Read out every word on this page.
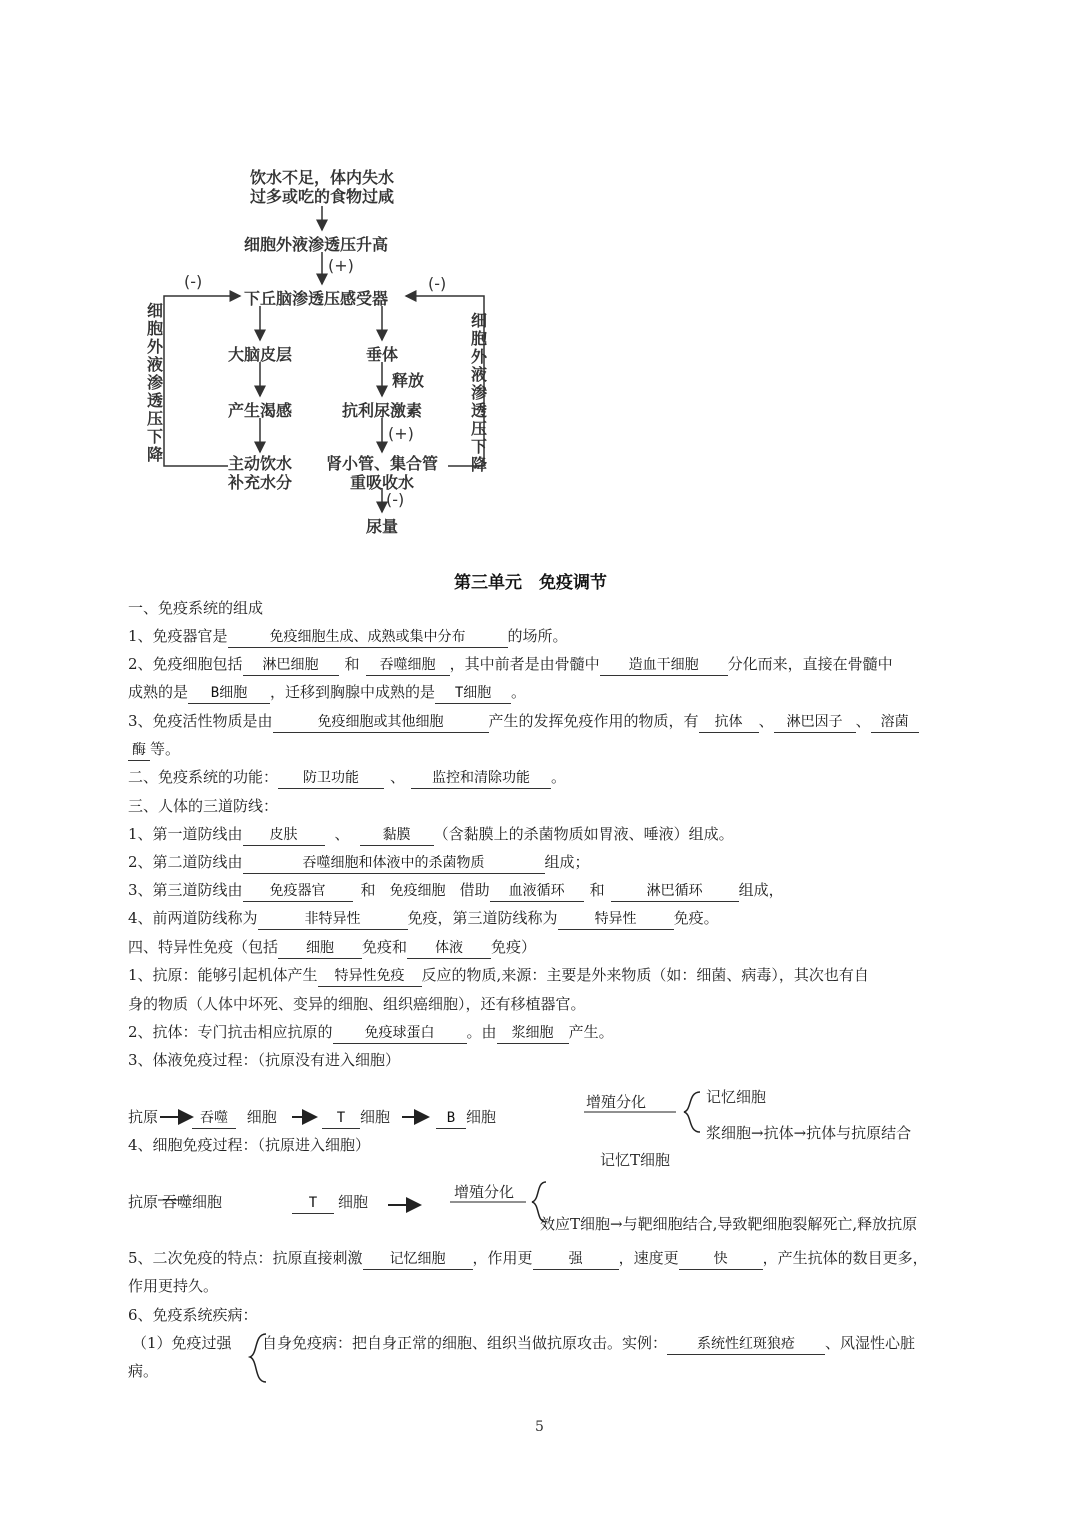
饮水不足，体内失水
过多或吃的食物过咸
细胞外液渗透压升高
(+)
(-)	(-)
下丘脑渗透压感受器
细胞外液渗透压下降
细胞外液渗透压下降
大脑皮层
产生渴感
主动饮水
补充水分
垂体
释放
抗利尿激素
(+)
肾小管、集合管
重吸收水
(-)
尿量
第三单元　免疫调节
一、免疫系统的组成
1、免疫器官是	免疫细胞生成、成熟或集中分布	的场所。
2、免疫细胞包括 淋巴细胞 和 吞噬细胞 ，其中前者是由骨髓中 造血干细胞 分化而来，直接在骨髓中
成熟的是 B细胞 ，迁移到胸腺中成熟的是 T细胞 。
3、免疫活性物质是由	免疫细胞或其他细胞	产生的发挥免疫作用的物质，有 抗体 、 淋巴因子 、 溶菌
酶 等。
二、免疫系统的功能： 防卫功能 、 监控和清除功能 。
三、人体的三道防线：
1、第一道防线由 皮肤 、 黏膜 （含黏膜上的杀菌物质如胃液、唾液）组成。
2、第二道防线由	吞噬细胞和体液中的杀菌物质	组成；
3、第三道防线由 免疫器官 和 免疫细胞 借助 血液循环 和	淋巴循环 组成，
4、前两道防线称为	非特异性	免疫，第三道防线称为	特异性 免疫。
四、特异性免疫（包括 细胞 免疫和 体液 免疫）
1、抗原：能够引起机体产生 特异性免疫 反应的物质,来源：主要是外来物质（如：细菌、病毒），其次也有自
身的物质（人体中坏死、变异的细胞、组织癌细胞），还有移植器官。
2、抗体：专门抗击相应抗原的 免疫球蛋白 。由 浆细胞 产生。
3、体液免疫过程：（抗原没有进入细胞）
抗原	吞噬 细胞	T 细胞	B 细胞
增殖分化	记忆细胞
浆细胞→抗体→抗体与抗原结合
4、细胞免疫过程：（抗原进入细胞）
记忆T细胞
抗原 吞噬细胞	T 细胞
增殖分化
效应T细胞→与靶细胞结合,导致靶细胞裂解死亡,释放抗原
5、二次免疫的特点：抗原直接刺激 记忆细胞 ，作用更	强 ，速度更	快 ，产生抗体的数目更多，
作用更持久。
6、免疫系统疾病：
（1）免疫过强 自身免疫病：把自身正常的细胞、组织当做抗原攻击。实例： 系统性红斑狼疮 、风湿性心脏
病。
5
